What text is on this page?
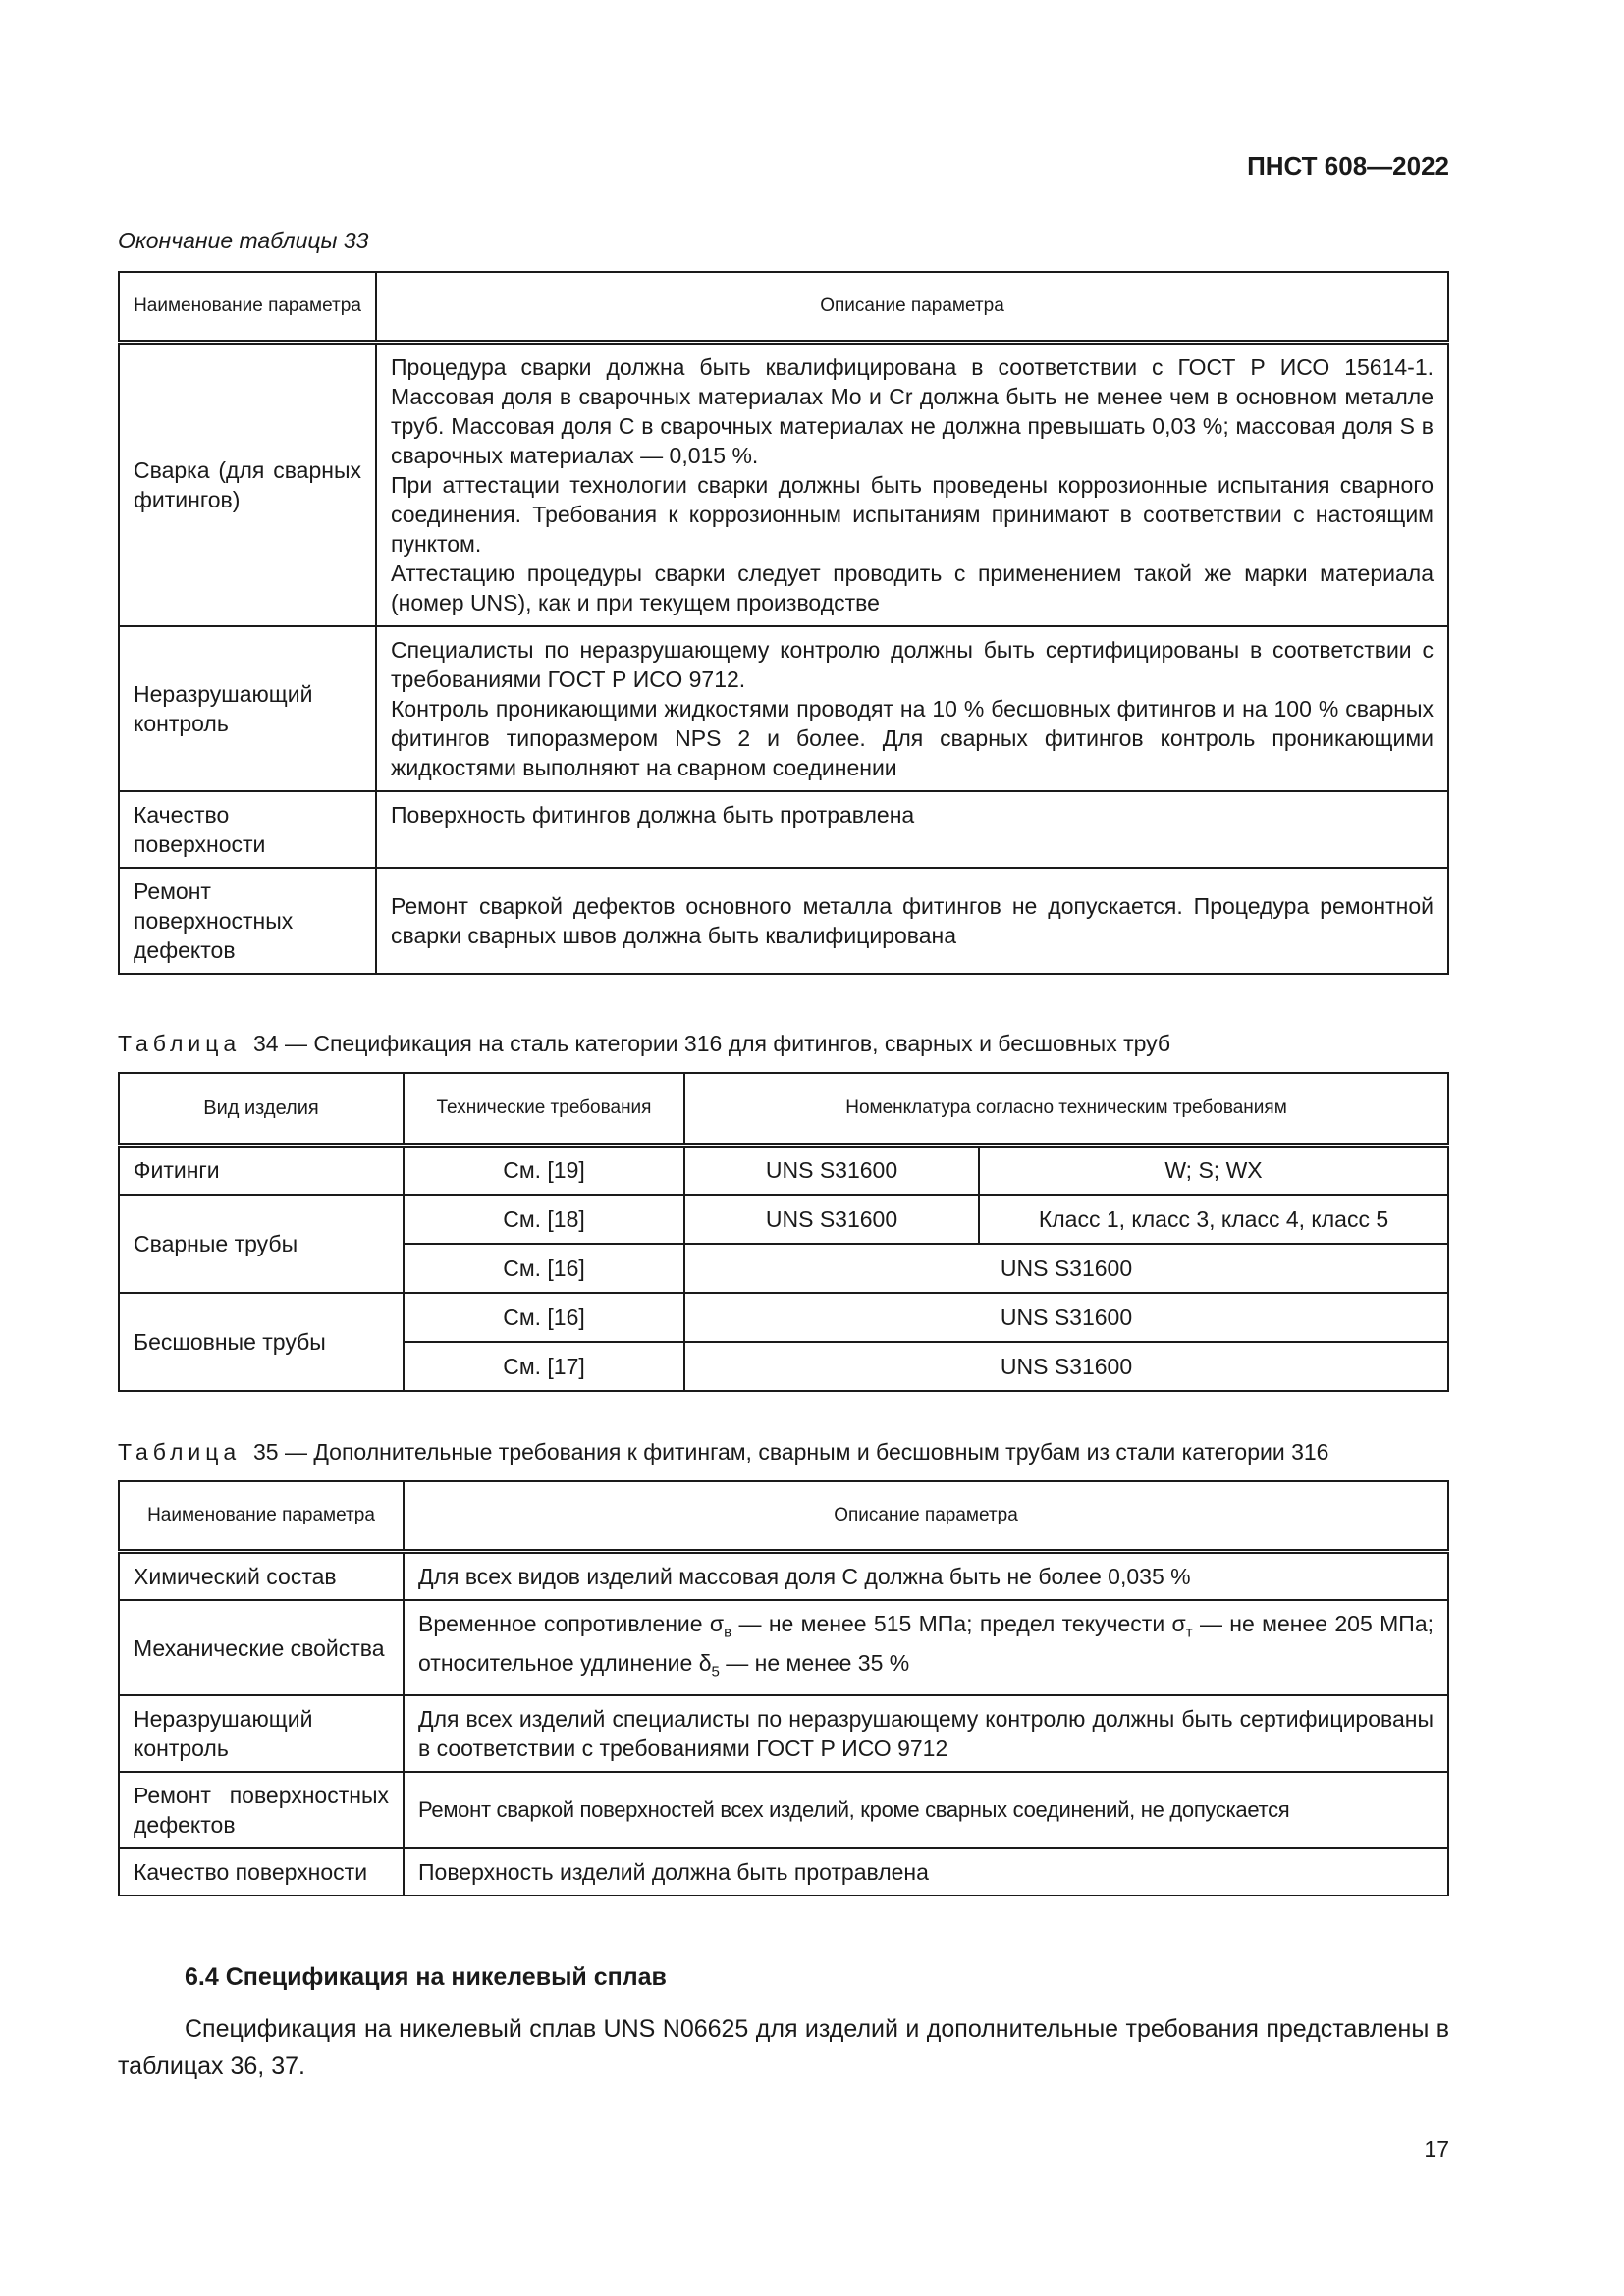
ПНСТ 608—2022
Окончание таблицы 33
Наименование параметра	Описание параметра
Сварка (для сварных фитингов)	Процедура сварки должна быть квалифицирована в соответствии с ГОСТ Р ИСО 15614-1. Массовая доля в сварочных материалах Mo и Cr должна быть не менее чем в основном металле труб. Массовая доля С в сварочных материалах не должна превышать 0,03 %; массовая доля S в сварочных материалах — 0,015 %.
При аттестации технологии сварки должны быть проведены коррозионные испытания сварного соединения. Требования к коррозионным испытаниям принимают в соответствии с настоящим пунктом.
Аттестацию процедуры сварки следует проводить с применением такой же марки материала (номер UNS), как и при текущем производстве
Неразрушающий контроль	Специалисты по неразрушающему контролю должны быть сертифицированы в соответствии с требованиями ГОСТ Р ИСО 9712.
Контроль проникающими жидкостями проводят на 10 % бесшовных фитингов и на 100 % сварных фитингов типоразмером NPS 2 и более. Для сварных фитингов контроль проникающими жидкостями выполняют на сварном соединении
Качество поверхности	Поверхность фитингов должна быть протравлена
Ремонт поверхностных дефектов	Ремонт сваркой дефектов основного металла фитингов не допускается. Процедура ремонтной сварки сварных швов должна быть квалифицирована
Таблица 34 — Спецификация на сталь категории 316 для фитингов, сварных и бесшовных труб
Вид изделия	Технические требования	Номенклатура согласно техническим требованиям	
Фитинги	См. [19]	UNS S31600	W; S; WX
Сварные трубы	См. [18]	UNS S31600	Класс 1, класс 3, класс 4, класс 5
	См. [16]	UNS S31600	
Бесшовные трубы	См. [16]	UNS S31600	
	См. [17]	UNS S31600	
Таблица 35 — Дополнительные требования к фитингам, сварным и бесшовным трубам из стали категории 316
Наименование параметра	Описание параметра
Химический состав	Для всех видов изделий массовая доля С должна быть не более 0,035 %
Механические свойства	Временное сопротивление $\sigma_в$ — не менее 515 МПа; предел текучести $\sigma_т$ — не менее 205 МПа; относительное удлинение $\delta_5$ — не менее 35 %
Неразрушающий контроль	Для всех изделий специалисты по неразрушающему контролю должны быть сертифицированы в соответствии с требованиями ГОСТ Р ИСО 9712
Ремонт поверхностных дефектов	Ремонт сваркой поверхностей всех изделий, кроме сварных соединений, не допускается
Качество поверхности	Поверхность изделий должна быть протравлена
6.4 Спецификация на никелевый сплав
Спецификация на никелевый сплав UNS N06625 для изделий и дополнительные требования представлены в таблицах 36, 37.
17
